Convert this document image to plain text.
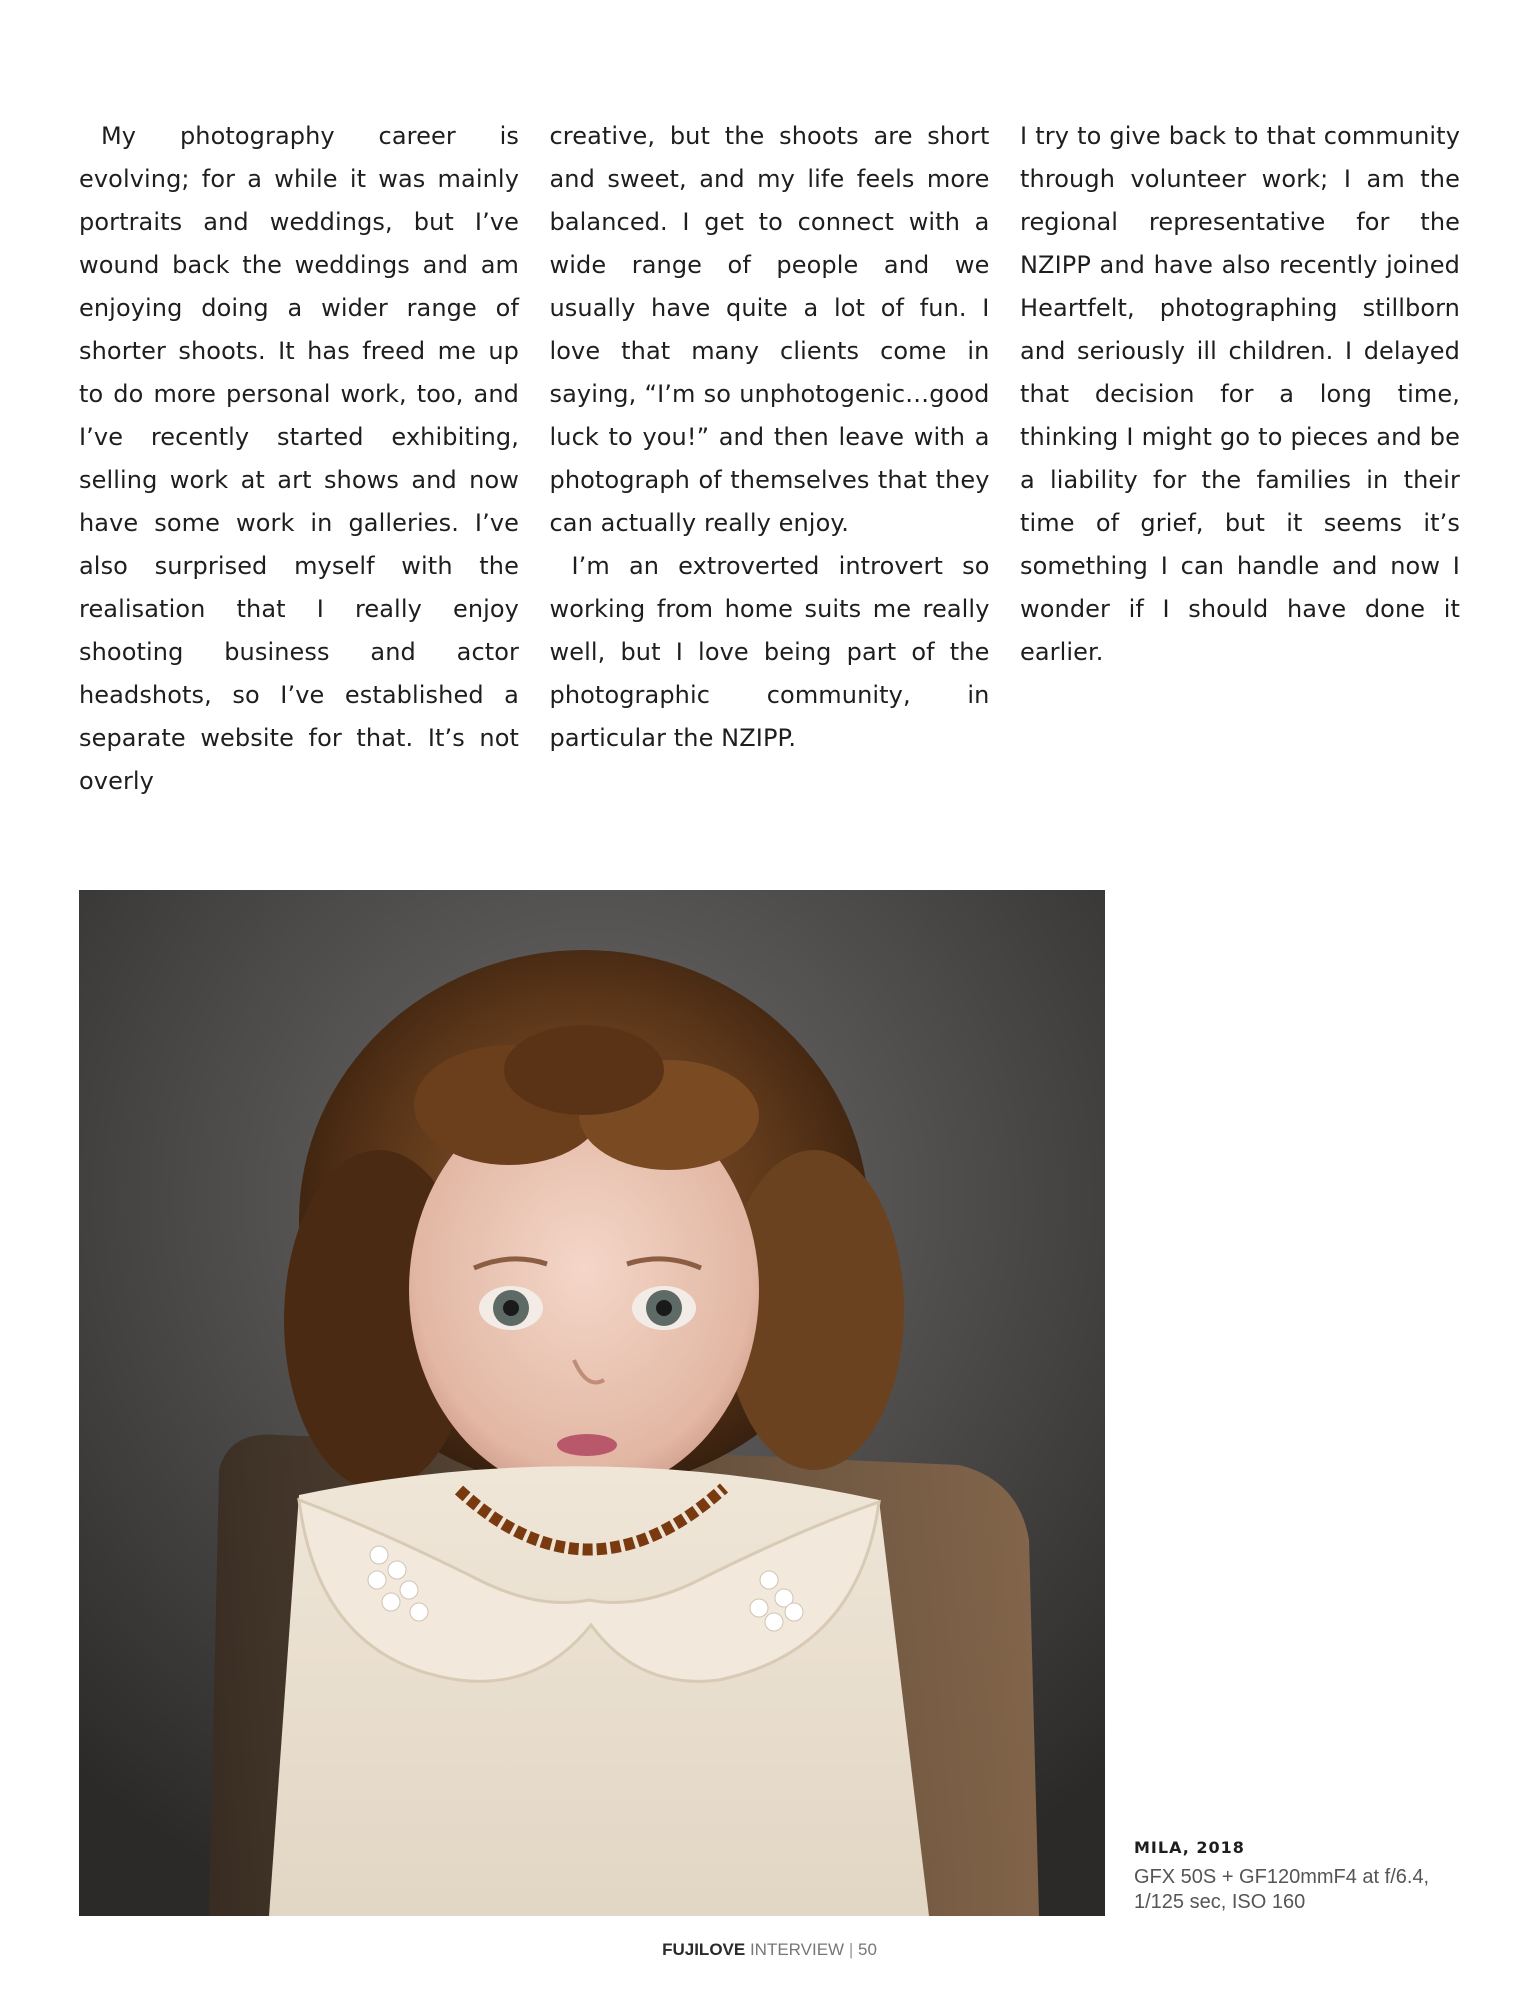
My photography career is evolving; for a while it was mainly portraits and weddings, but I’ve wound back the weddings and am enjoying doing a wider range of shorter shoots. It has freed me up to do more personal work, too, and I’ve recently started exhibiting, selling work at art shows and now have some work in galleries. I’ve also surprised myself with the realisation that I really enjoy shooting business and actor headshots, so I’ve established a separate website for that. It’s not overly

creative, but the shoots are short and sweet, and my life feels more balanced. I get to connect with a wide range of people and we usually have quite a lot of fun. I love that many clients come in saying, “I’m so unphotogenic…good luck to you!” and then leave with a photograph of themselves that they can actually really enjoy.

I’m an extroverted introvert so working from home suits me really well, but I love being part of the photographic community, in particular the NZIPP.

I try to give back to that community through volunteer work; I am the regional representative for the NZIPP and have also recently joined Heartfelt, photographing stillborn and seriously ill children. I delayed that decision for a long time, thinking I might go to pieces and be a liability for the families in their time of grief, but it seems it’s something I can handle and now I wonder if I should have done it earlier.

MILA, 2018
GFX 50S + GF120mmF4 at f/6.4,
1/125 sec, ISO 160
FUJILOVE INTERVIEW | 50
